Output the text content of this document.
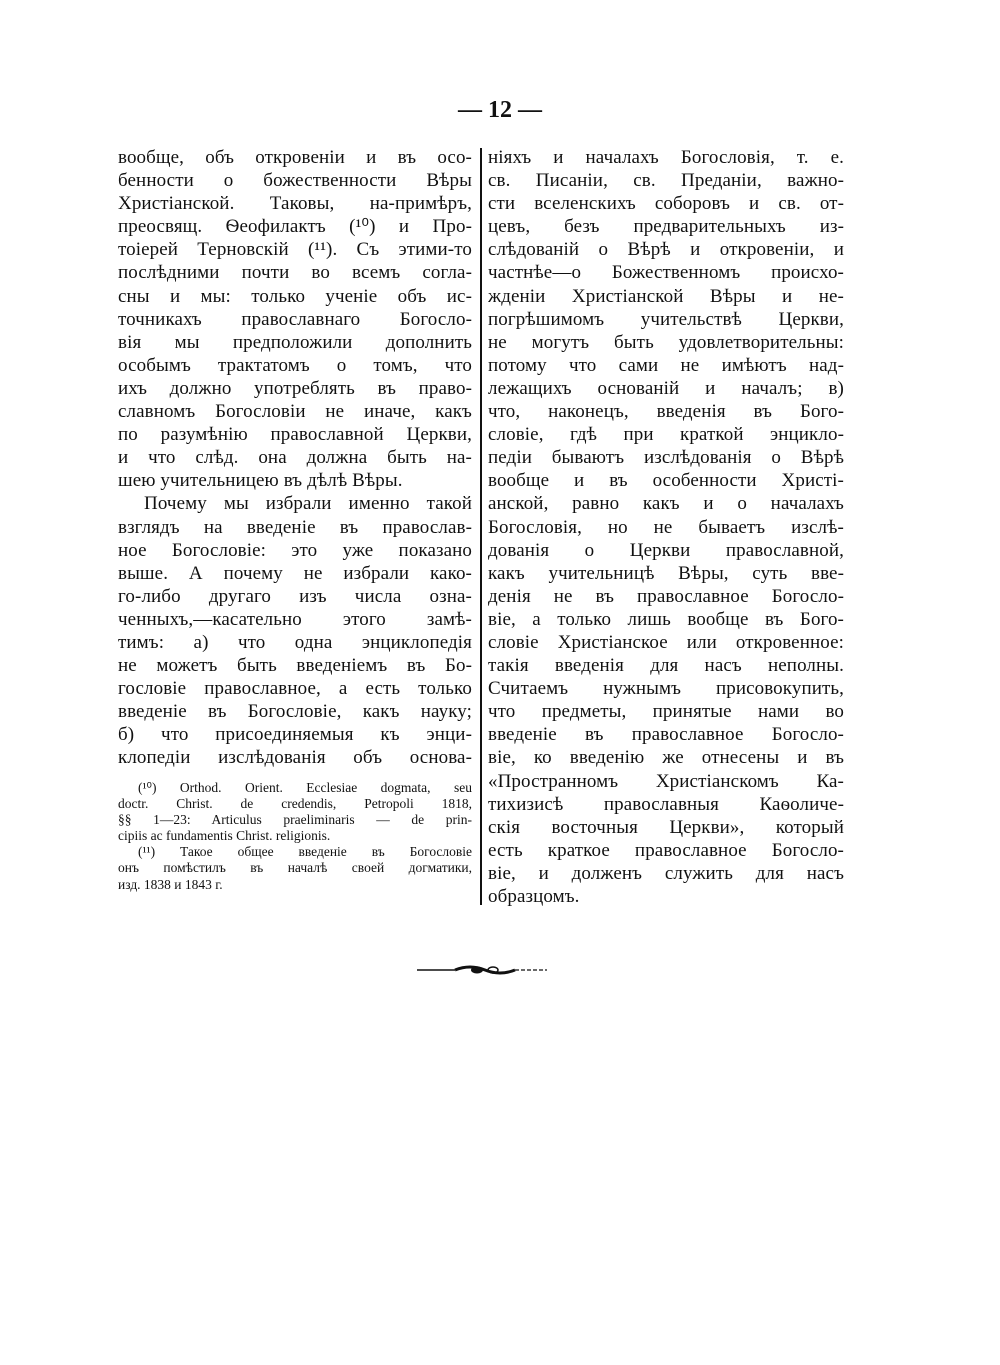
— 12 —
вообще, объ откровеніи и въ осо-
бенности о божественности Вѣры
Христіанской. Таковы, на-примѣръ,
преосвящ. Ѳеофилактъ (¹⁰) и Про-
тоіерей Терновскій (¹¹). Съ этими-то
послѣдними почти во всемъ согла-
сны и мы: только ученіе объ ис-
точникахъ православнаго Богосло-
вія мы предположили дополнить
особымъ трактатомъ о томъ, что
ихъ должно употреблять въ право-
славномъ Богословіи не иначе, какъ
по разумѣнію православной Церкви,
и что слѣд. она должна быть на-
шею учительницею въ дѣлѣ Вѣры.
Почему мы избрали именно такой
взглядъ на введеніе въ православ-
ное Богословіе: это уже показано
выше. А почему не избрали како-
го-либо другаго изъ числа озна-
ченныхъ,—касательно этого замѣ-
тимъ: а) что одна энциклопедія
не можетъ быть введеніемъ въ Бо-
гословіе православное, а есть только
введеніе въ Богословіе, какъ науку;
б) что присоединяемыя къ энци-
клопедіи изслѣдованія объ основа-
(¹⁰) Orthod. Orient. Ecclesiae dogmata, seu
doctr. Christ. de credendis, Petropoli 1818,
§§ 1—23: Articulus praeliminaris — de prin-
cipiis ac fundamentis Christ. religionis.
(¹¹) Такое общее введеніе въ Богословіе
онъ помѣстилъ въ началѣ своей догматики,
изд. 1838 и 1843 г.
ніяхъ и началахъ Богословія, т. е.
св. Писаніи, св. Преданіи, важно-
сти вселенскихъ соборовъ и св. от-
цевъ, безъ предварительныхъ из-
слѣдованій о Вѣрѣ и откровеніи, и
частнѣе—о Божественномъ происхо-
жденіи Христіанской Вѣры и не-
погрѣшимомъ учительствѣ Церкви,
не могутъ быть удовлетворительны:
потому что сами не имѣютъ над-
лежащихъ основаній и началъ; в)
что, наконецъ, введенія въ Бого-
словіе, гдѣ при краткой энцикло-
педіи бываютъ изслѣдованія о Вѣрѣ
вообще и въ особенности Христі-
анской, равно какъ и о началахъ
Богословія, но не бываетъ изслѣ-
дованія о Церкви православной,
какъ учительницѣ Вѣры, суть вве-
денія не въ православное Богосло-
віе, а только лишь вообще въ Бого-
словіе Христіанское или откровенное:
такія введенія для насъ неполны.
Считаемъ нужнымъ присовокупить,
что предметы, принятые нами во
введеніе въ православное Богосло-
віе, ко введенію же отнесены и въ
«Пространномъ Христіанскомъ Ка-
тихизисѣ православныя Каѳоличе-
скія восточныя Церкви», который
есть краткое православное Богосло-
віе, и долженъ служить для насъ
образцомъ.
